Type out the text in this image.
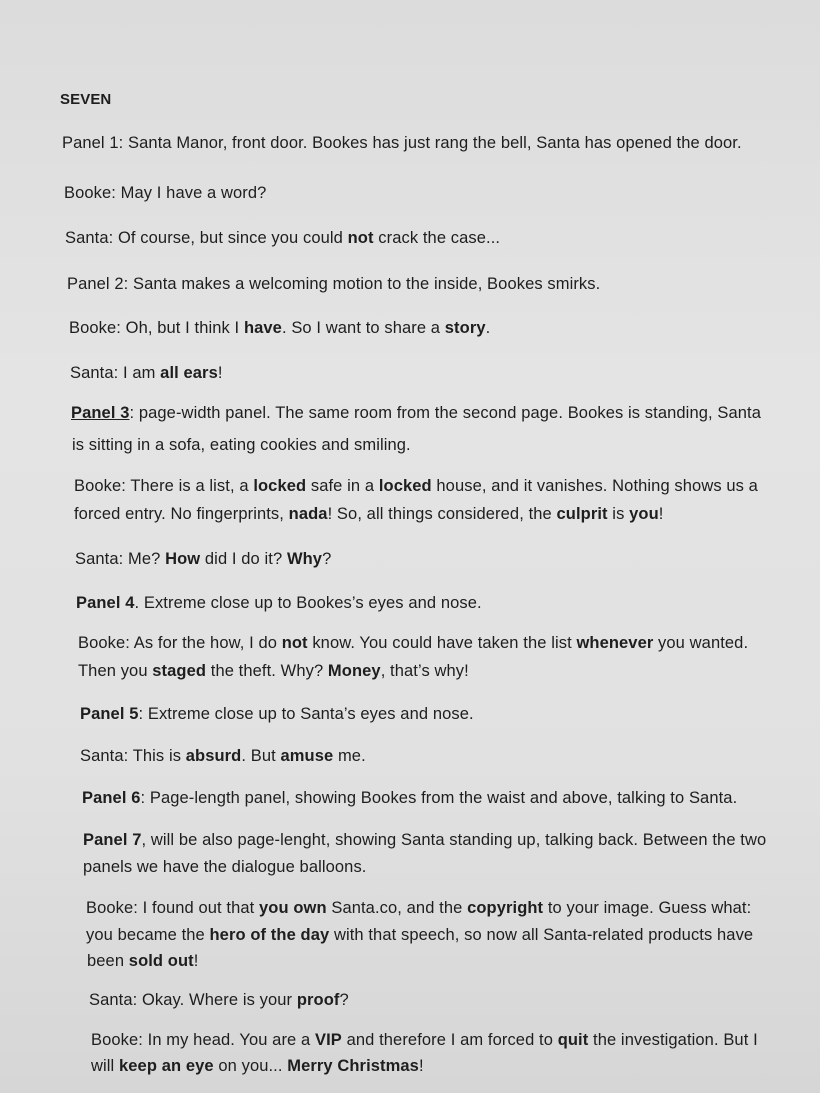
SEVEN
Panel 1: Santa Manor, front door. Bookes has just rang the bell, Santa has opened the door.
Booke: May I have a word?
Santa: Of course, but since you could not crack the case...
Panel 2: Santa makes a welcoming motion to the inside, Bookes smirks.
Booke: Oh, but I think I have. So I want to share a story.
Santa: I am all ears!
Panel 3: page-width panel. The same room from the second page. Bookes is standing, Santa
is sitting in a sofa, eating cookies and smiling.
Booke: There is a list, a locked safe in a locked house, and it vanishes. Nothing shows us a
forced entry. No fingerprints, nada! So, all things considered, the culprit is you!
Santa: Me? How did I do it? Why?
Panel 4. Extreme close up to Bookes’s eyes and nose.
Booke: As for the how, I do not know. You could have taken the list whenever you wanted.
Then you staged the theft. Why? Money, that’s why!
Panel 5: Extreme close up to Santa’s eyes and nose.
Santa: This is absurd. But amuse me.
Panel 6: Page-length panel, showing Bookes from the waist and above, talking to Santa.
Panel 7, will be also page-lenght, showing Santa standing up, talking back. Between the two
panels we have the dialogue balloons.
Booke: I found out that you own Santa.co, and the copyright to your image. Guess what:
you became the hero of the day with that speech, so now all Santa-related products have
been sold out!
Santa: Okay. Where is your proof?
Booke: In my head. You are a VIP and therefore I am forced to quit the investigation. But I
will keep an eye on you... Merry Christmas!
